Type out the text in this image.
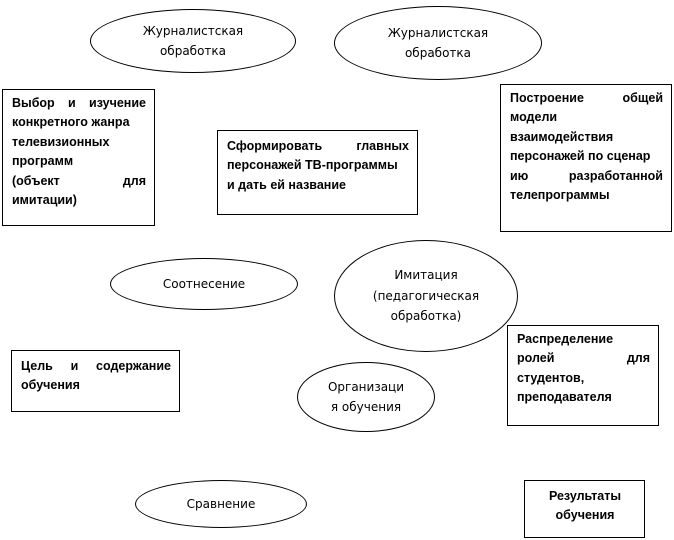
Журналистская
обработка
Журналистская
обработка
Соотнесение
Имитация
(педагогическая
обработка)
Организаци
я обучения
Сравнение

Выбор и изучение

конкретного жанра

телевизионных

программ

(объект для

имитации)

Сформировать главных

персонажей ТВ-программы

и дать ей название

Построение общей

модели

взаимодействия

персонажей по сценар

ию разработанной

телепрограммы

Цель и содержание

обучения

Распределение

ролей для

студентов,

преподавателя

Результаты

обучения
